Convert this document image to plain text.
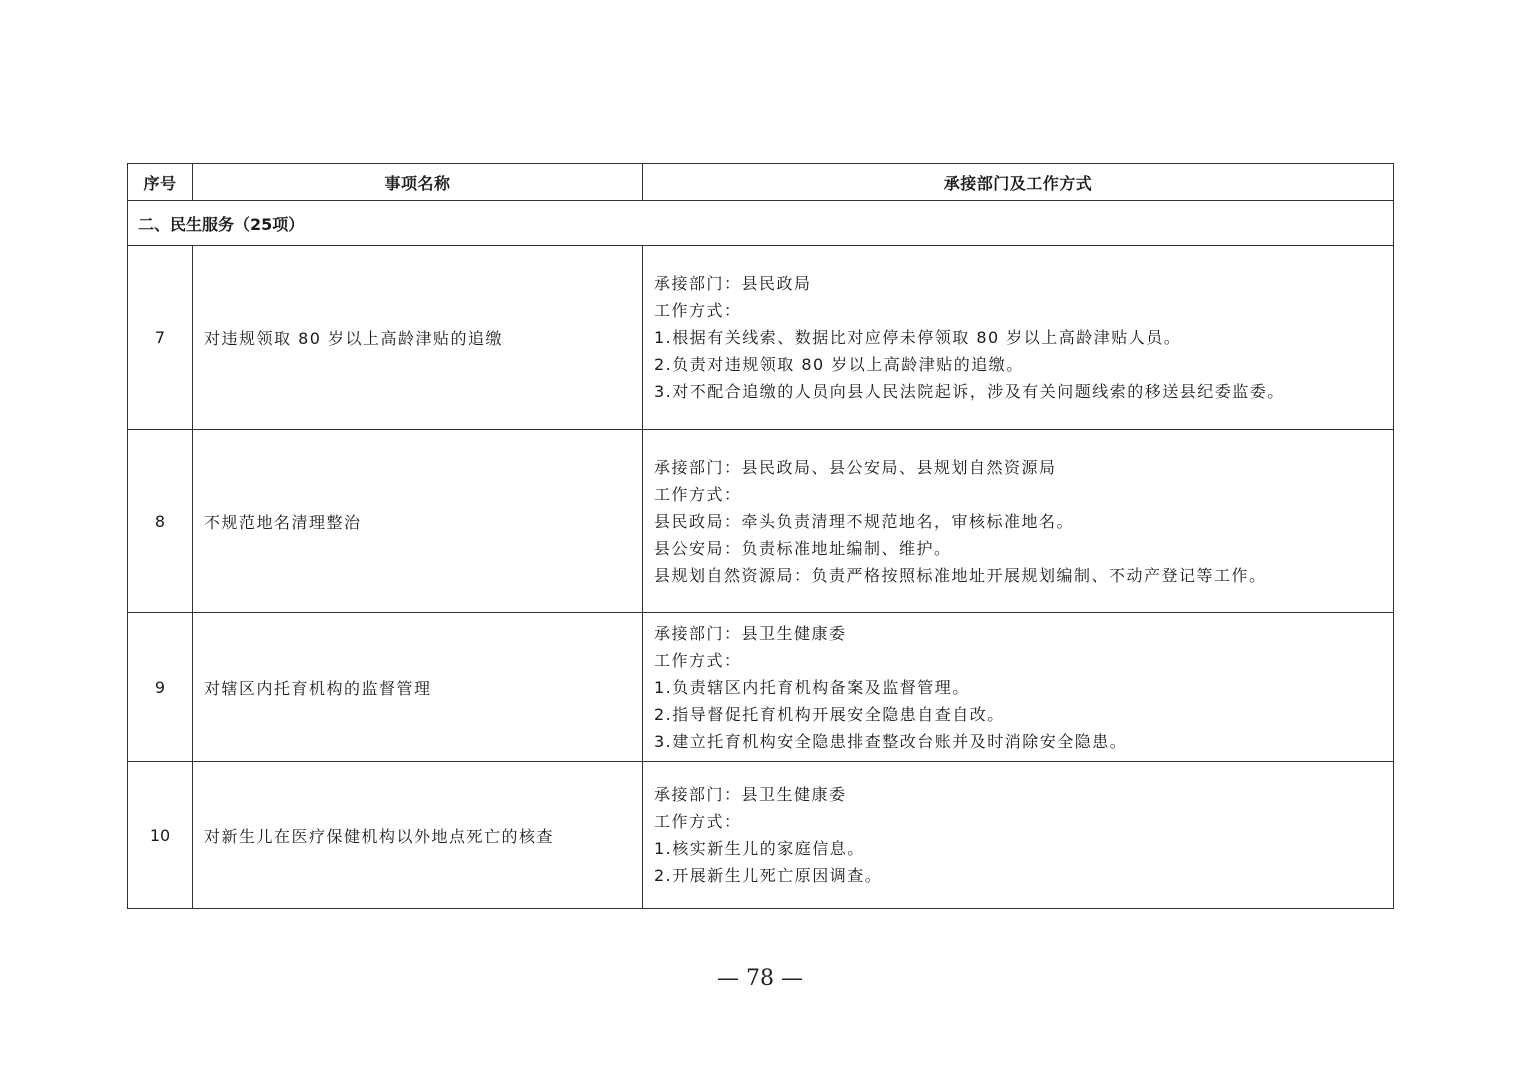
序号	事项名称	承接部门及工作方式
二、民生服务（25项）		
7	对违规领取 80 岁以上高龄津贴的追缴	承接部门：县民政局
工作方式：
1.根据有关线索、数据比对应停未停领取 80 岁以上高龄津贴人员。
2.负责对违规领取 80 岁以上高龄津贴的追缴。
3.对不配合追缴的人员向县人民法院起诉，涉及有关问题线索的移送县纪委监委。

8	不规范地名清理整治	承接部门：县民政局、县公安局、县规划自然资源局
工作方式：
县民政局：牵头负责清理不规范地名，审核标准地名。
县公安局：负责标准地址编制、维护。
县规划自然资源局：负责严格按照标准地址开展规划编制、不动产登记等工作。

9	对辖区内托育机构的监督管理	承接部门：县卫生健康委
工作方式：
1.负责辖区内托育机构备案及监督管理。
2.指导督促托育机构开展安全隐患自查自改。
3.建立托育机构安全隐患排查整改台账并及时消除安全隐患。

10	对新生儿在医疗保健机构以外地点死亡的核查	承接部门：县卫生健康委
工作方式：
1.核实新生儿的家庭信息。
2.开展新生儿死亡原因调查。
— 78 —
